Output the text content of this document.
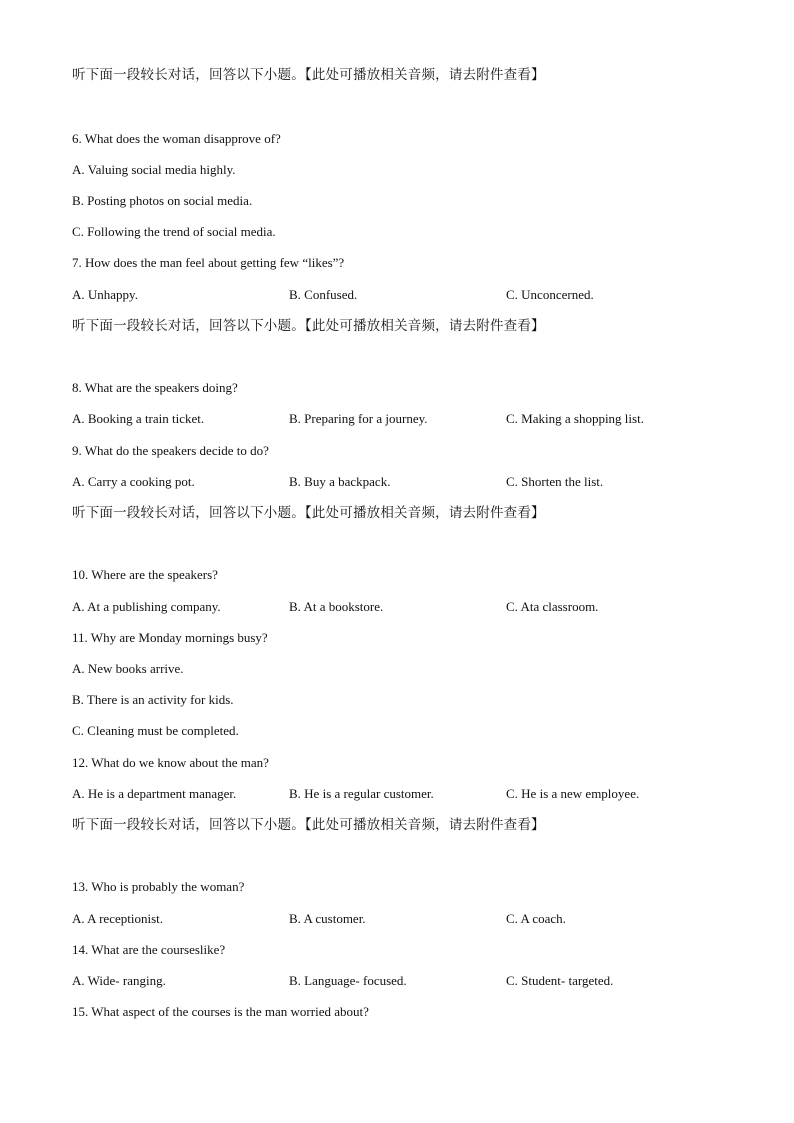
听下面一段较长对话，回答以下小题。【此处可播放相关音频，请去附件查看】
6. What does the woman disapprove of?
A. Valuing social media highly.
B. Posting photos on social media.
C. Following the trend of social media.
7. How does the man feel about getting few “likes”?
A. Unhappy.	B. Confused.	C. Unconcerned.
听下面一段较长对话，回答以下小题。【此处可播放相关音频，请去附件查看】
8. What are the speakers doing?
A. Booking a train ticket.	B. Preparing for a journey.	C. Making a shopping list.
9. What do the speakers decide to do?
A. Carry a cooking pot.	B. Buy a backpack.	C. Shorten the list.
听下面一段较长对话，回答以下小题。【此处可播放相关音频，请去附件查看】
10. Where are the speakers?
A. At a publishing company.	B. At a bookstore.	C. Ata classroom.
11. Why are Monday mornings busy?
A. New books arrive.
B. There is an activity for kids.
C. Cleaning must be completed.
12. What do we know about the man?
A. He is a department manager.	B. He is a regular customer.	C. He is a new employee.
听下面一段较长对话，回答以下小题。【此处可播放相关音频，请去附件查看】
13. Who is probably the woman?
A. A receptionist.	B. A customer.	C. A coach.
14. What are the courseslike?
A. Wide- ranging.	B. Language- focused.	C. Student- targeted.
15. What aspect of the courses is the man worried about?
